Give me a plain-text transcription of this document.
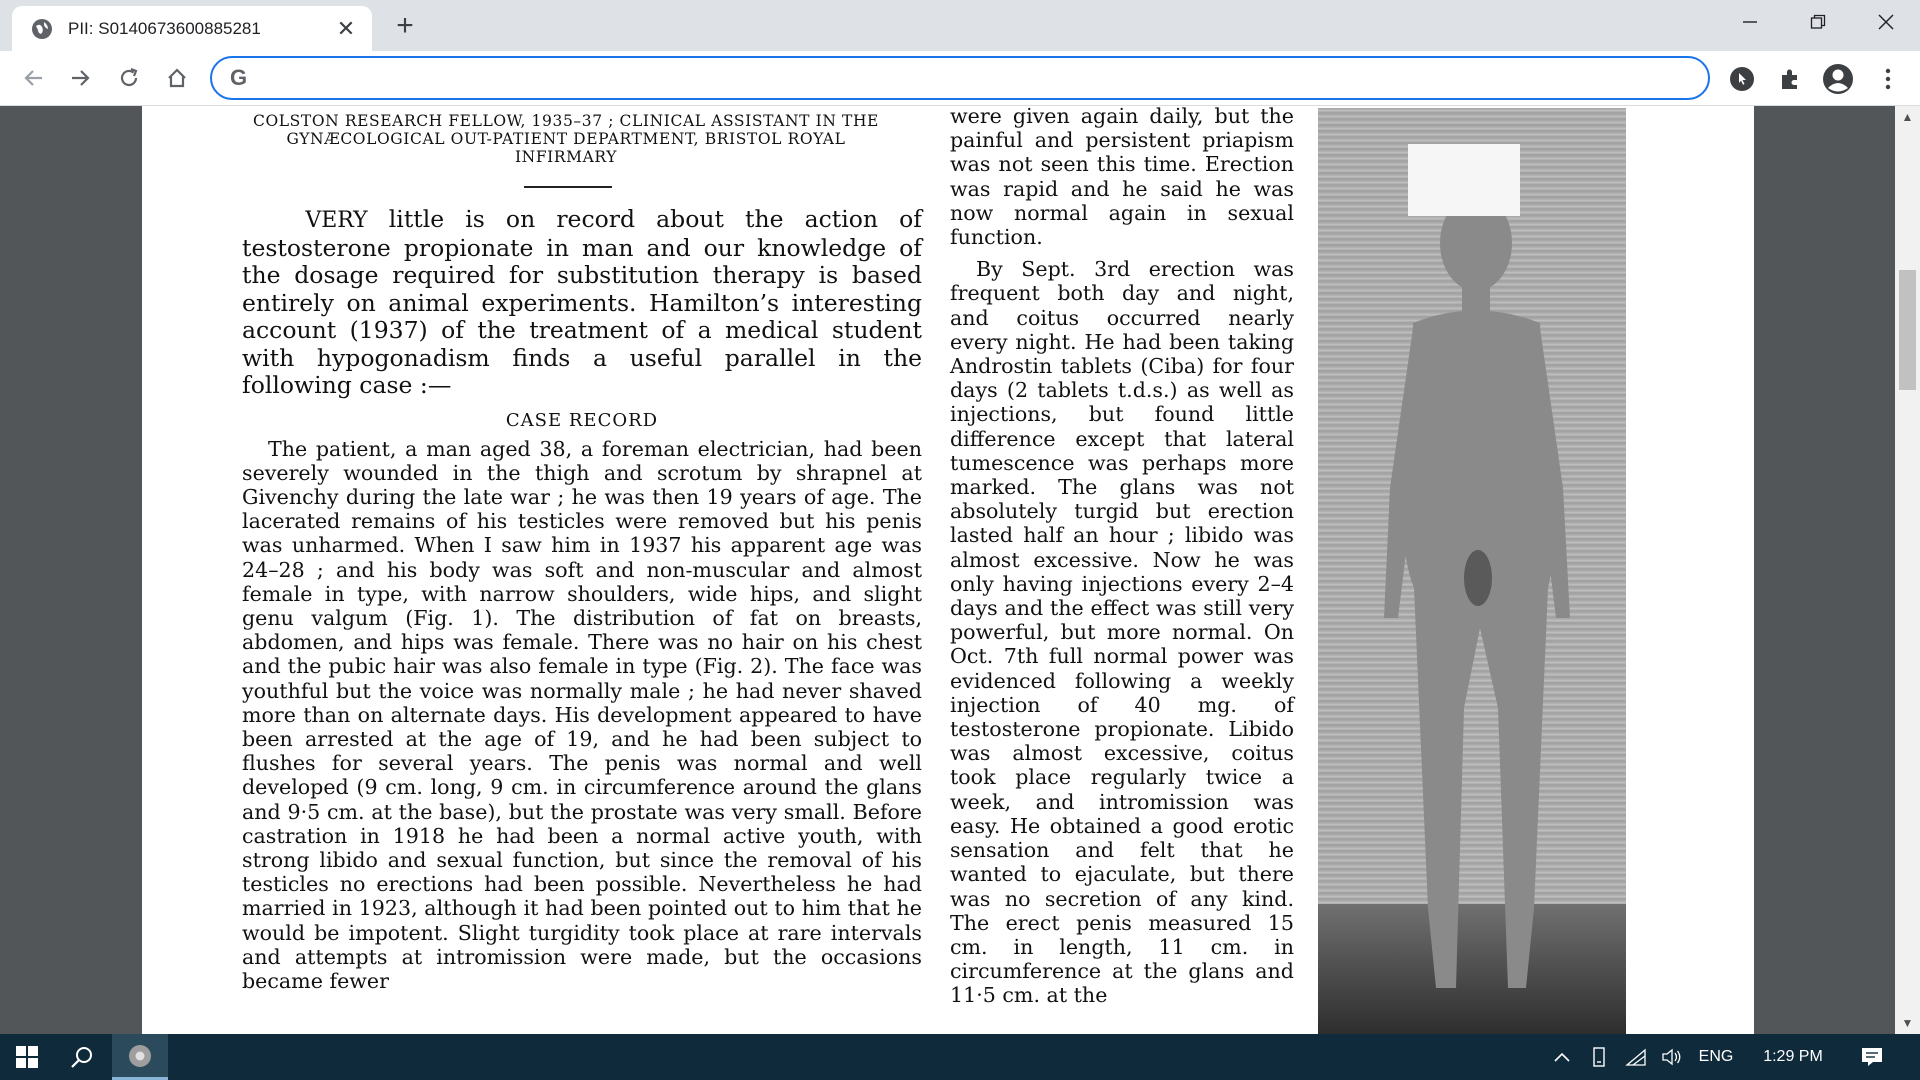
PII: S0140673600885281	✕ +
G
COLSTON RESEARCH FELLOW, 1935–37 ; CLINICAL ASSISTANT IN THE GYNÆCOLOGICAL OUT-PATIENT DEPARTMENT, BRISTOL ROYAL INFIRMARY

VERY little is on record about the action of testosterone propionate in man and our knowledge of the dosage required for substitution therapy is based entirely on animal experiments. Hamilton’s interesting account (1937) of the treatment of a medical student with hypogonadism finds a useful parallel in the following case :—

CASE RECORD

The patient, a man aged 38, a foreman electrician, had been severely wounded in the thigh and scrotum by shrapnel at Givenchy during the late war ; he was then 19 years of age. The lacerated remains of his testicles were removed but his penis was unharmed. When I saw him in 1937 his apparent age was 24–28 ; and his body was soft and non-muscular and almost female in type, with narrow shoulders, wide hips, and slight genu valgum (Fig. 1). The distribution of fat on breasts, abdomen, and hips was female. There was no hair on his chest and the pubic hair was also female in type (Fig. 2). The face was youthful but the voice was normally male ; he had never shaved more than on alternate days. His development appeared to have been arrested at the age of 19, and he had been subject to flushes for several years. The penis was normal and well developed (9 cm. long, 9 cm. in circumference around the glans and 9·5 cm. at the base), but the prostate was very small. Before castration in 1918 he had been a normal active youth, with strong libido and sexual function, but since the removal of his testicles no erections had been possible. Nevertheless he had married in 1923, although it had been pointed out to him that he would be impotent. Slight turgidity took place at rare intervals and attempts at intromission were made, but the occasions became fewer

were given again daily, but the painful and persistent priapism was not seen this time. Erection was rapid and he said he was now normal again in sexual function.

By Sept. 3rd erection was frequent both day and night, and coitus occurred nearly every night. He had been taking Androstin tablets (Ciba) for four days (2 tablets t.d.s.) as well as injections, but found little difference except that lateral tumescence was perhaps more marked. The glans was not absolutely turgid but erection lasted half an hour ; libido was almost excessive. Now he was only having injections every 2–4 days and the effect was still very powerful, but more normal. On Oct. 7th full normal power was evidenced following a weekly injection of 40 mg. of testosterone propionate. Libido was almost excessive, coitus took place regularly twice a week, and intromission was easy. He obtained a good erotic sensation and felt that he wanted to ejaculate, but there was no secretion of any kind. The erect penis measured 15 cm. in length, 11 cm. in circumference at the glans and 11·5 cm. at the

▲
▼
ENG	1:29 PM
